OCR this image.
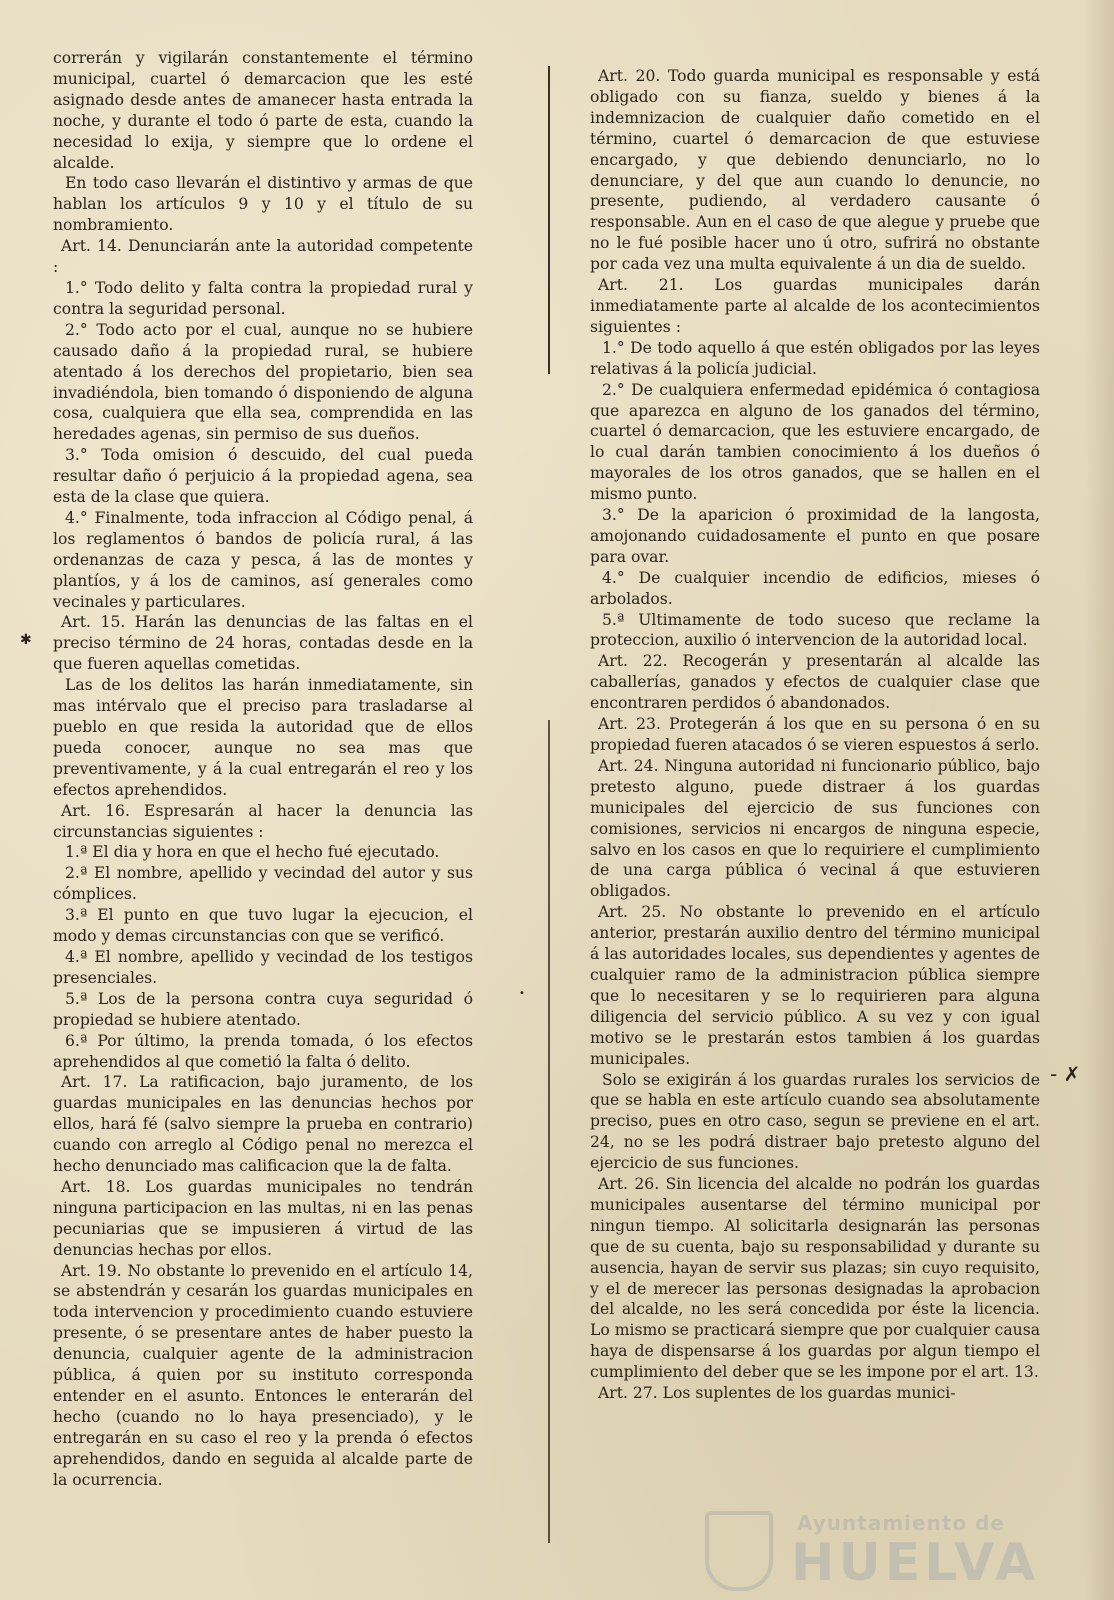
correrán y vigilarán constantemente el término municipal, cuartel ó demarcacion que les esté asignado desde antes de amanecer hasta entrada la noche, y durante el todo ó parte de esta, cuando la necesidad lo exija, y siempre que lo ordene el alcalde.

En todo caso llevarán el distintivo y armas de que hablan los artículos 9 y 10 y el título de su nombramiento.

Art. 14. Denunciarán ante la autoridad competente :

1.° Todo delito y falta contra la propiedad rural y contra la seguridad personal.

2.° Todo acto por el cual, aunque no se hubiere causado daño á la propiedad rural, se hubiere atentado á los derechos del propietario, bien sea invadiéndola, bien tomando ó disponiendo de alguna cosa, cualquiera que ella sea, comprendida en las heredades agenas, sin permiso de sus dueños.

3.° Toda omision ó descuido, del cual pueda resultar daño ó perjuicio á la propiedad agena, sea esta de la clase que quiera.

4.° Finalmente, toda infraccion al Código penal, á los reglamentos ó bandos de policía rural, á las ordenanzas de caza y pesca, á las de montes y plantíos, y á los de caminos, así generales como vecinales y particulares.

Art. 15. Harán las denuncias de las faltas en el preciso término de 24 horas, contadas desde en la que fueren aquellas cometidas.

Las de los delitos las harán inmediatamente, sin mas intérvalo que el preciso para trasladarse al pueblo en que resida la autoridad que de ellos pueda conocer, aunque no sea mas que preventivamente, y á la cual entregarán el reo y los efectos aprehendidos.

Art. 16. Espresarán al hacer la denuncia las circunstancias siguientes :

1.ª El dia y hora en que el hecho fué ejecutado.

2.ª El nombre, apellido y vecindad del autor y sus cómplices.

3.ª El punto en que tuvo lugar la ejecucion, el modo y demas circunstancias con que se verificó.

4.ª El nombre, apellido y vecindad de los testigos presenciales.

5.ª Los de la persona contra cuya seguridad ó propiedad se hubiere atentado.

6.ª Por último, la prenda tomada, ó los efectos aprehendidos al que cometió la falta ó delito.

Art. 17. La ratificacion, bajo juramento, de los guardas municipales en las denuncias hechos por ellos, hará fé (salvo siempre la prueba en contrario) cuando con arreglo al Código penal no merezca el hecho denunciado mas calificacion que la de falta.

Art. 18. Los guardas municipales no tendrán ninguna participacion en las multas, ni en las penas pecuniarias que se impusieren á virtud de las denuncias hechas por ellos.

Art. 19. No obstante lo prevenido en el artículo 14, se abstendrán y cesarán los guardas municipales en toda intervencion y procedimiento cuando estuviere presente, ó se presentare antes de haber puesto la denuncia, cualquier agente de la administracion pública, á quien por su instituto corresponda entender en el asunto. Entonces le enterarán del hecho (cuando no lo haya presenciado), y le entregarán en su caso el reo y la prenda ó efectos aprehendidos, dando en seguida al alcalde parte de la ocurrencia.

Art. 20. Todo guarda municipal es responsable y está obligado con su fianza, sueldo y bienes á la indemnizacion de cualquier daño cometido en el término, cuartel ó demarcacion de que estuviese encargado, y que debiendo denunciarlo, no lo denunciare, y del que aun cuando lo denuncie, no presente, pudiendo, al verdadero causante ó responsable. Aun en el caso de que alegue y pruebe que no le fué posible hacer uno ú otro, sufrirá no obstante por cada vez una multa equivalente á un dia de sueldo.

Art. 21. Los guardas municipales darán inmediatamente parte al alcalde de los acontecimientos siguientes :

1.° De todo aquello á que estén obligados por las leyes relativas á la policía judicial.

2.° De cualquiera enfermedad epidémica ó contagiosa que aparezca en alguno de los ganados del término, cuartel ó demarcacion, que les estuviere encargado, de lo cual darán tambien conocimiento á los dueños ó mayorales de los otros ganados, que se hallen en el mismo punto.

3.° De la aparicion ó proximidad de la langosta, amojonando cuidadosamente el punto en que posare para ovar.

4.° De cualquier incendio de edificios, mieses ó arbolados.

5.ª Ultimamente de todo suceso que reclame la proteccion, auxilio ó intervencion de la autoridad local.

Art. 22. Recogerán y presentarán al alcalde las caballerías, ganados y efectos de cualquier clase que encontraren perdidos ó abandonados.

Art. 23. Protegerán á los que en su persona ó en su propiedad fueren atacados ó se vieren espuestos á serlo.

Art. 24. Ninguna autoridad ni funcionario público, bajo pretesto alguno, puede distraer á los guardas municipales del ejercicio de sus funciones con comisiones, servicios ni encargos de ninguna especie, salvo en los casos en que lo requiriere el cumplimiento de una carga pública ó vecinal á que estuvieren obligados.

Art. 25. No obstante lo prevenido en el artículo anterior, prestarán auxilio dentro del término municipal á las autoridades locales, sus dependientes y agentes de cualquier ramo de la administracion pública siempre que lo necesitaren y se lo requirieren para alguna diligencia del servicio público. A su vez y con igual motivo se le prestarán estos tambien á los guardas municipales.

Solo se exigirán á los guardas rurales los servicios de que se habla en este artículo cuando sea absolutamente preciso, pues en otro caso, segun se previene en el art. 24, no se les podrá distraer bajo pretesto alguno del ejercicio de sus funciones.

Art. 26. Sin licencia del alcalde no podrán los guardas municipales ausentarse del término municipal por ningun tiempo. Al solicitarla designarán las personas que de su cuenta, bajo su responsabilidad y durante su ausencia, hayan de servir sus plazas; sin cuyo requisito, y el de merecer las personas designadas la aprobacion del alcalde, no les será concedida por éste la licencia. Lo mismo se practicará siempre que por cualquier causa haya de dispensarse á los guardas por algun tiempo el cumplimiento del deber que se les impone por el art. 13.

Art. 27. Los suplentes de los guardas munici-

✱
- ✗
•
Ayuntamiento de
HUELVA
